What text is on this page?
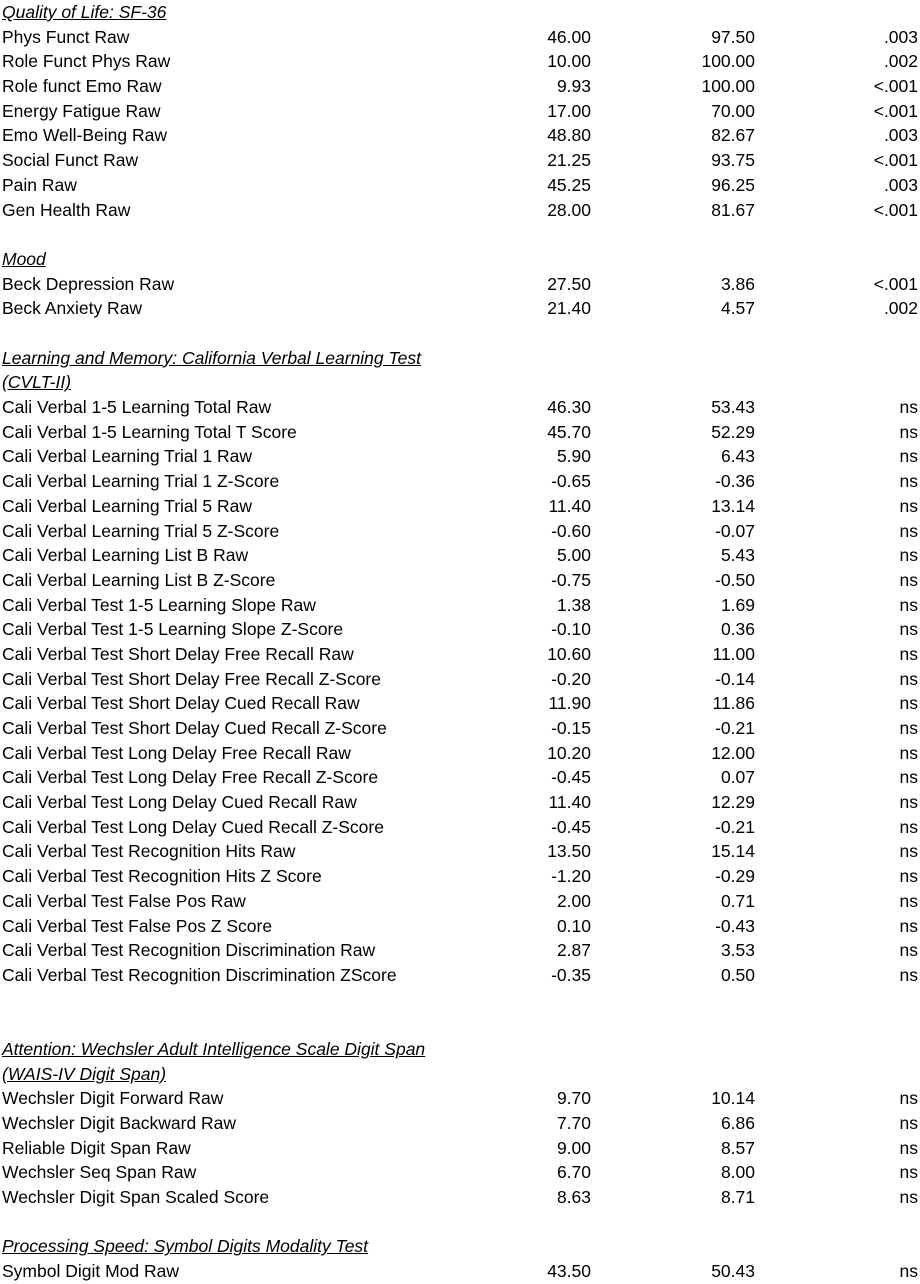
Quality of Life: SF-36
Phys Funct Raw	46.00	97.50	.003
Role Funct Phys Raw	10.00	100.00	.002
Role funct Emo Raw	9.93	100.00	<.001
Energy Fatigue Raw	17.00	70.00	<.001
Emo Well-Being Raw	48.80	82.67	.003
Social Funct Raw	21.25	93.75	<.001
Pain Raw	45.25	96.25	.003
Gen Health Raw	28.00	81.67	<.001
Mood
Beck Depression Raw	27.50	3.86	<.001
Beck Anxiety Raw	21.40	4.57	.002
Learning and Memory: California Verbal Learning Test (CVLT-II)
Cali Verbal 1-5 Learning Total Raw	46.30	53.43	ns
Cali Verbal 1-5 Learning Total T Score	45.70	52.29	ns
Cali Verbal Learning Trial 1 Raw	5.90	6.43	ns
Cali Verbal Learning Trial 1 Z-Score	-0.65	-0.36	ns
Cali Verbal Learning Trial 5 Raw	11.40	13.14	ns
Cali Verbal Learning Trial 5 Z-Score	-0.60	-0.07	ns
Cali Verbal Learning List B Raw	5.00	5.43	ns
Cali Verbal Learning List B Z-Score	-0.75	-0.50	ns
Cali Verbal Test 1-5 Learning Slope Raw	1.38	1.69	ns
Cali Verbal Test 1-5 Learning Slope Z-Score	-0.10	0.36	ns
Cali Verbal Test Short Delay Free Recall Raw	10.60	11.00	ns
Cali Verbal Test Short Delay Free Recall Z-Score	-0.20	-0.14	ns
Cali Verbal Test Short Delay Cued Recall Raw	11.90	11.86	ns
Cali Verbal Test Short Delay Cued Recall Z-Score	-0.15	-0.21	ns
Cali Verbal Test Long Delay Free Recall Raw	10.20	12.00	ns
Cali Verbal Test Long Delay Free Recall Z-Score	-0.45	0.07	ns
Cali Verbal Test Long Delay Cued Recall Raw	11.40	12.29	ns
Cali Verbal Test Long Delay Cued Recall Z-Score	-0.45	-0.21	ns
Cali Verbal Test Recognition Hits Raw	13.50	15.14	ns
Cali Verbal Test Recognition Hits Z Score	-1.20	-0.29	ns
Cali Verbal Test False Pos Raw	2.00	0.71	ns
Cali Verbal Test False Pos Z Score	0.10	-0.43	ns
Cali Verbal Test Recognition Discrimination Raw	2.87	3.53	ns
Cali Verbal Test Recognition Discrimination ZScore	-0.35	0.50	ns
Attention: Wechsler Adult Intelligence Scale Digit Span (WAIS-IV Digit Span)
Wechsler Digit Forward Raw	9.70	10.14	ns
Wechsler Digit Backward Raw	7.70	6.86	ns
Reliable Digit Span Raw	9.00	8.57	ns
Wechsler Seq Span Raw	6.70	8.00	ns
Wechsler Digit Span Scaled Score	8.63	8.71	ns
Processing Speed: Symbol Digits Modality Test
Symbol Digit Mod Raw	43.50	50.43	ns
